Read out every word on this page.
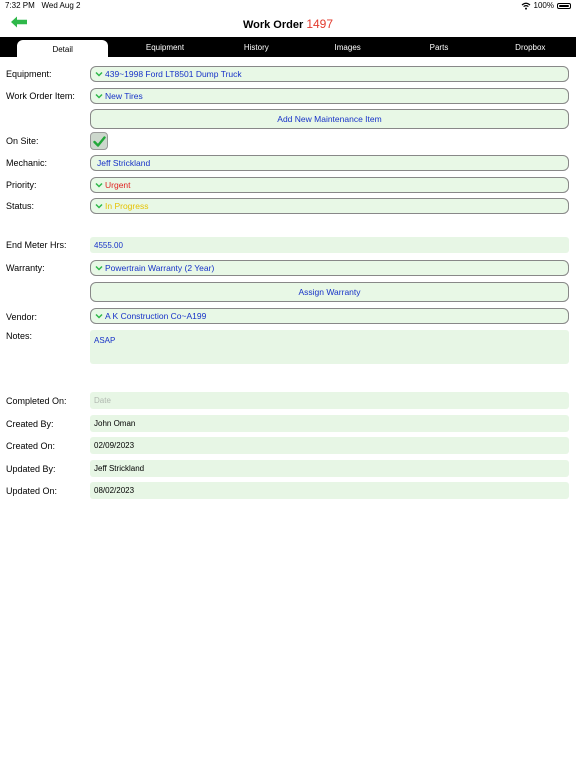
7:32 PM Wed Aug 2	100%
Work Order 1497
Detail	Equipment	History	Images	Parts	Dropbox
Equipment:	439~1998 Ford LT8501 Dump Truck
Work Order Item:	New Tires
Add New Maintenance Item
On Site:
Mechanic:	Jeff Strickland
Priority:	Urgent
Status:	In Progress
End Meter Hrs:	4555.00
Warranty:	Powertrain Warranty (2 Year)
Assign Warranty
Vendor:	A K Construction Co~A199
Notes:	ASAP
Completed On:	Date
Created By:	John Oman
Created On:	02/09/2023
Updated By:	Jeff Strickland
Updated On:	08/02/2023
